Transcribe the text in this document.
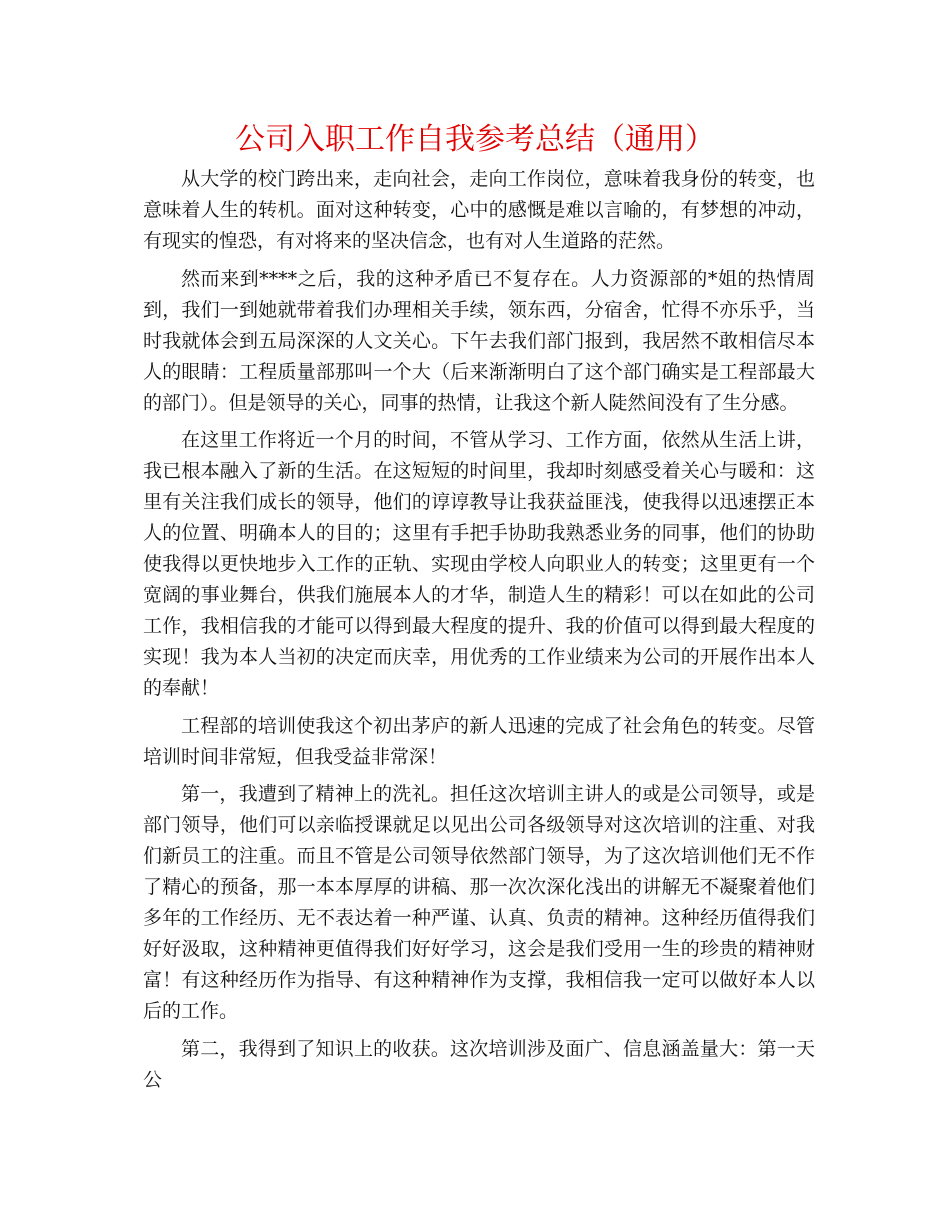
公司入职工作自我参考总结（通用）

从大学的校门跨出来，走向社会，走向工作岗位，意味着我身份的转变，也意味着人生的转机。面对这种转变，心中的感慨是难以言喻的，有梦想的冲动，有现实的惶恐，有对将来的坚决信念，也有对人生道路的茫然。

然而来到****之后，我的这种矛盾已不复存在。人力资源部的*姐的热情周到，我们一到她就带着我们办理相关手续，领东西，分宿舍，忙得不亦乐乎，当时我就体会到五局深深的人文关心。下午去我们部门报到，我居然不敢相信尽本人的眼睛：工程质量部那叫一个大（后来渐渐明白了这个部门确实是工程部最大的部门）。但是领导的关心，同事的热情，让我这个新人陡然间没有了生分感。

在这里工作将近一个月的时间，不管从学习、工作方面，依然从生活上讲，我已根本融入了新的生活。在这短短的时间里，我却时刻感受着关心与暖和：这里有关注我们成长的领导，他们的谆谆教导让我获益匪浅，使我得以迅速摆正本人的位置、明确本人的目的；这里有手把手协助我熟悉业务的同事，他们的协助使我得以更快地步入工作的正轨、实现由学校人向职业人的转变；这里更有一个宽阔的事业舞台，供我们施展本人的才华，制造人生的精彩！可以在如此的公司工作，我相信我的才能可以得到最大程度的提升、我的价值可以得到最大程度的实现！我为本人当初的决定而庆幸，用优秀的工作业绩来为公司的开展作出本人的奉献！

工程部的培训使我这个初出茅庐的新人迅速的完成了社会角色的转变。尽管培训时间非常短，但我受益非常深！

第一，我遭到了精神上的洗礼。担任这次培训主讲人的或是公司领导，或是部门领导，他们可以亲临授课就足以见出公司各级领导对这次培训的注重、对我们新员工的注重。而且不管是公司领导依然部门领导，为了这次培训他们无不作了精心的预备，那一本本厚厚的讲稿、那一次次深化浅出的讲解无不凝聚着他们多年的工作经历、无不表达着一种严谨、认真、负责的精神。这种经历值得我们好好汲取，这种精神更值得我们好好学习，这会是我们受用一生的珍贵的精神财富！有这种经历作为指导、有这种精神作为支撑，我相信我一定可以做好本人以后的工作。

第二，我得到了知识上的收获。这次培训涉及面广、信息涵盖量大：第一天公
